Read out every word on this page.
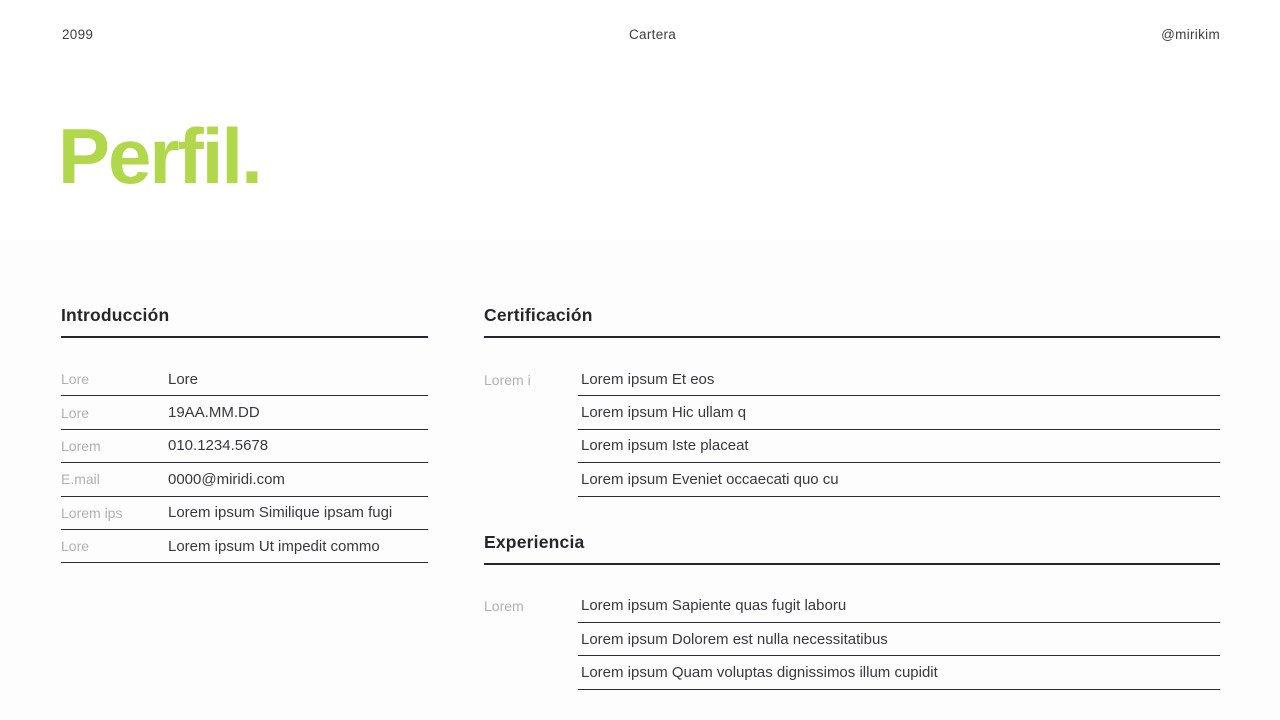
2099	Cartera	@mirikim
Perfil.
Introducción
Lore	Lore
Lore	19AA.MM.DD
Lorem	010.1234.5678
E.mail	0000@miridi.com
Lorem ips	Lorem ipsum Similique ipsam fugi
Lore	Lorem ipsum Ut impedit commo
Certificación
Lorem i	Lorem ipsum Et eos
Lorem ipsum Hic ullam q
Lorem ipsum Iste placeat
Lorem ipsum Eveniet occaecati quo cu
Experiencia
Lorem	Lorem ipsum Sapiente quas fugit laboru
Lorem ipsum Dolorem est nulla necessitatibus
Lorem ipsum Quam voluptas dignissimos illum cupidit
